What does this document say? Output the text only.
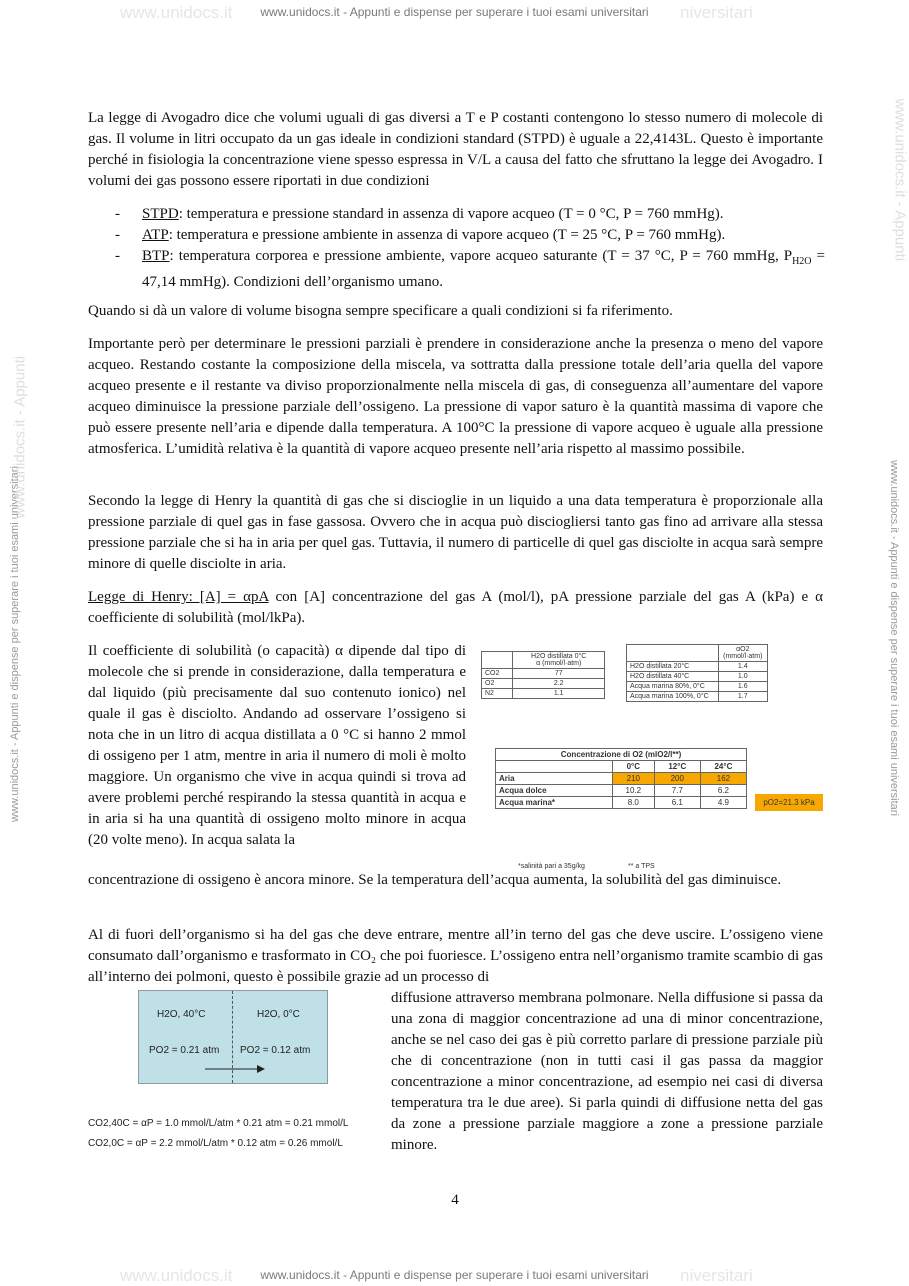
www.unidocs.it - Appunti e dispense per superare i tuoi esami universitari
www.unidocs.it - Appunti e dispense per superare i tuoi esami universitari
www.unidocs.it	niversitari
www.unidocs.it	niversitari
www.unidocs.it - Appunti e dispense per superare i tuoi esami universitari	www.unidocs.it - Appunti e dispense per superare i tuoi esami universitari
www.unidocs.it - Appunti
www.unidocs.it - Appunti

La legge di Avogadro dice che volumi uguali di gas diversi a T e P costanti contengono lo stesso numero di molecole di gas. Il volume in litri occupato da un gas ideale in condizioni standard (STPD) è uguale a 22,4143L. Questo è importante perché in fisiologia la concentrazione viene spesso espressa in V/L a causa del fatto che sfruttano la legge dei Avogadro. I volumi dei gas possono essere riportati in due condizioni

- STPD: temperatura e pressione standard in assenza di vapore acqueo (T = 0 °C, P = 760 mmHg).
- ATP: temperatura e pressione ambiente in assenza di vapore acqueo (T = 25 °C, P = 760 mmHg).
- BTP: temperatura corporea e pressione ambiente, vapore acqueo saturante (T = 37 °C, P = 760 mmHg, $P_{H2O} = 47,14$ mmHg). Condizioni dell’organismo umano.

Quando si dà un valore di volume bisogna sempre specificare a quali condizioni si fa riferimento.

Importante però per determinare le pressioni parziali è prendere in considerazione anche la presenza o meno del vapore acqueo. Restando costante la composizione della miscela, va sottratta dalla pressione totale dell’aria quella del vapore acqueo presente e il restante va diviso proporzionalmente nella miscela di gas, di conseguenza all’aumentare del vapore acqueo diminuisce la pressione parziale dell’ossigeno. La pressione di vapor saturo è la quantità massima di vapore che può essere presente nell’aria e dipende dalla temperatura. A 100°C la pressione di vapore acqueo è uguale alla pressione atmosferica. L’umidità relativa è la quantità di vapore acqueo presente nell’aria rispetto al massimo possibile.

Secondo la legge di Henry la quantità di gas che si discioglie in un liquido a una data temperatura è proporzionale alla pressione parziale di quel gas in fase gassosa. Ovvero che in acqua può disciogliersi tanto gas fino ad arrivare alla stessa pressione parziale che si ha in aria per quel gas. Tuttavia, il numero di particelle di quel gas disciolte in acqua sarà sempre minore di quelle disciolte in aria.

Legge di Henry: [A] = αpA con [A] concentrazione del gas A (mol/l), pA pressione parziale del gas A (kPa) e α coefficiente di solubilità (mol/lkPa).

Il coefficiente di solubilità (o capacità) α dipende dal tipo di molecole che si prende in considerazione, dalla temperatura e dal liquido (più precisamente dal suo contenuto ionico) nel quale il gas è disciolto. Andando ad osservare l’ossigeno si nota che in un litro di acqua distillata a 0 °C si hanno 2 mmol di ossigeno per 1 atm, mentre in aria il numero di moli è molto maggiore. Un organismo che vive in acqua quindi si trova ad avere problemi perché respirando la stessa quantità in acqua e in aria si ha una quantità di ossigeno molto minore in acqua (20 volte meno). In acqua salata la

concentrazione di ossigeno è ancora minore. Se la temperatura dell’acqua aumenta, la solubilità del gas diminuisce.

	H2O distillata 0°C
α (mmol/l·atm)
CO2	77
O2	2.2
N2	1.1
	αO2
(mmol/l·atm)
H2O distillata 20°C	1.4
H2O distillata 40°C	1.0
Acqua marina 80%, 0°C	1.6
Acqua marina 100%, 0°C	1.7
Concentrazione di O2 (mlO2/l**)			
	0°C	12°C	24°C
Aria	210	200	162
Acqua dolce	10.2	7.7	6.2
Acqua marina*	8.0	6.1	4.9	pO2=21.3 kPa
*salinità pari a 35g/kg	** a TPS

Al di fuori dell’organismo si ha del gas che deve entrare, mentre all’in terno del gas che deve uscire. L’ossigeno viene consumato dall’organismo e trasformato in CO₂ che poi fuoriesce. L’ossigeno entra nell’organismo tramite scambio di gas all’interno dei polmoni, questo è possibile grazie ad un processo di

diffusione attraverso membrana polmonare. Nella diffusione si passa da una zona di maggior concentrazione ad una di minor concentrazione, anche se nel caso dei gas è più corretto parlare di pressione parziale più che di concentrazione (non in tutti casi il gas passa da maggior concentrazione a minor concentrazione, ad esempio nei casi di diversa temperatura tra le due aree). Si parla quindi di diffusione netta del gas da zone a pressione parziale maggiore a zone a pressione parziale minore.
H2O, 40°C	H2O, 0°C
PO2 = 0.21 atm PO2 = 0.12 atm
CO2,40C = αP = 1.0 mmol/L/atm * 0.21 atm = 0.21 mmol/L
CO2,0C = αP = 2.2 mmol/L/atm * 0.12 atm = 0.26 mmol/L
4
